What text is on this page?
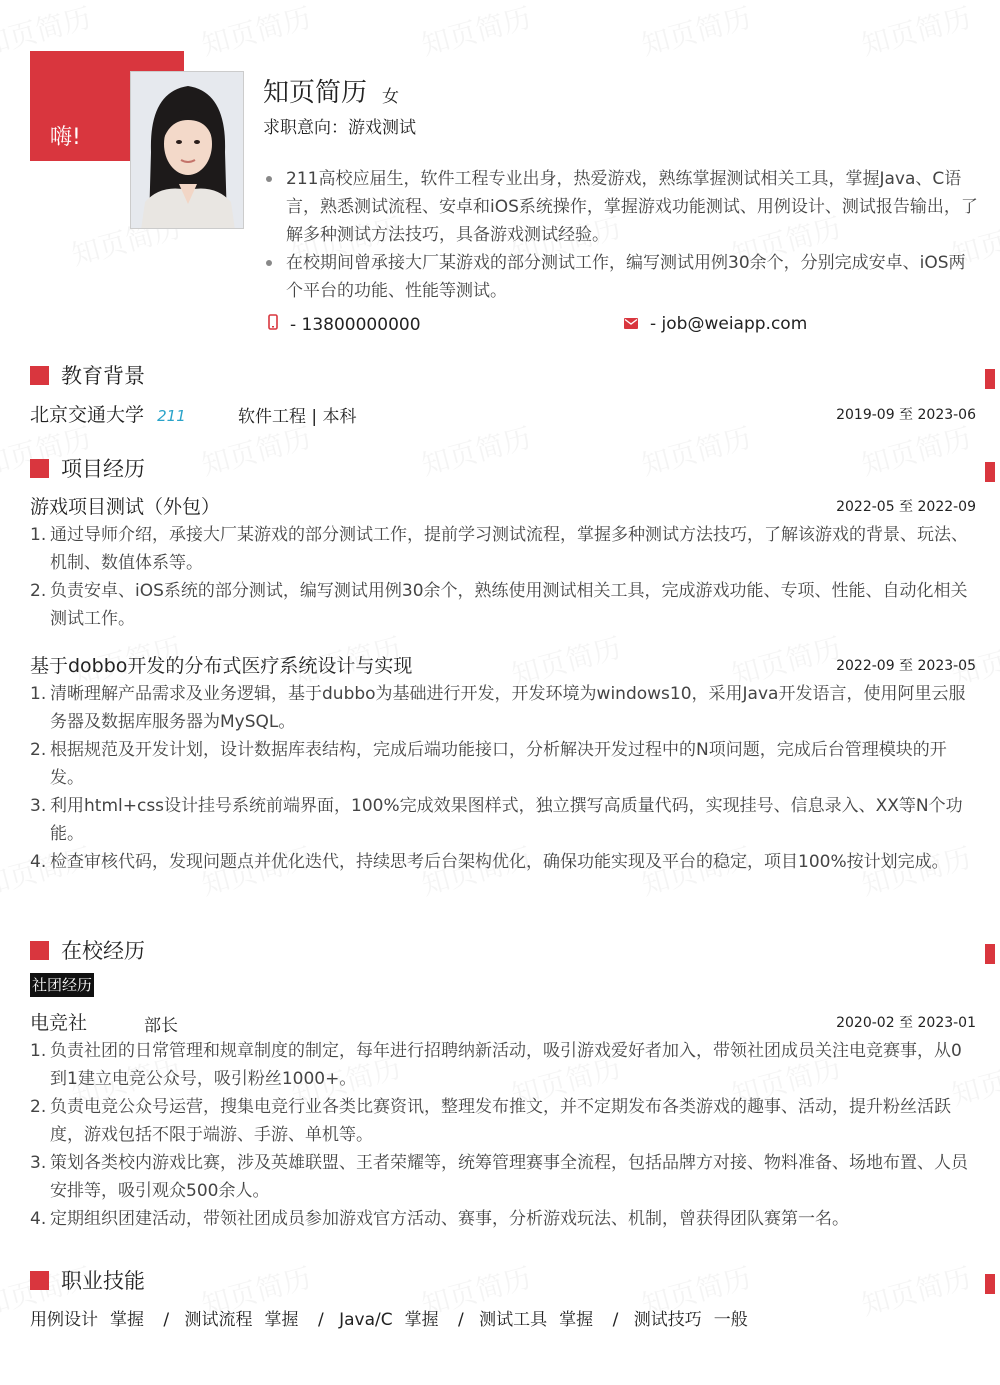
嗨!
知页简历 女
求职意向：游戏测试
211高校应届生，软件工程专业出身，热爱游戏，熟练掌握测试相关工具，掌握Java、C语言，熟悉测试流程、安卓和iOS系统操作，掌握游戏功能测试、用例设计、测试报告输出，了解多种测试方法技巧，具备游戏测试经验。
在校期间曾承接大厂某游戏的部分测试工作，编写测试用例30余个，分别完成安卓、iOS两个平台的功能、性能等测试。
- 13800000000	- job@weiapp.com
教育背景
北京交通大学 211	软件工程 | 本科	2019-09 至 2023-06
项目经历
游戏项目测试（外包）	2022-05 至 2022-09
1. 通过导师介绍，承接大厂某游戏的部分测试工作，提前学习测试流程，掌握多种测试方法技巧，了解该游戏的背景、玩法、机制、数值体系等。
2. 负责安卓、iOS系统的部分测试，编写测试用例30余个，熟练使用测试相关工具，完成游戏功能、专项、性能、自动化相关测试工作。
基于dobbo开发的分布式医疗系统设计与实现	2022-09 至 2023-05
1. 清晰理解产品需求及业务逻辑，基于dubbo为基础进行开发，开发环境为windows10，采用Java开发语言，使用阿里云服务器及数据库服务器为MySQL。
2. 根据规范及开发计划，设计数据库表结构，完成后端功能接口，分析解决开发过程中的N项问题，完成后台管理模块的开发。
3. 利用html+css设计挂号系统前端界面，100%完成效果图样式，独立撰写高质量代码，实现挂号、信息录入、XX等N个功能。
4. 检查审核代码，发现问题点并优化迭代，持续思考后台架构优化，确保功能实现及平台的稳定，项目100%按计划完成。
在校经历
社团经历
电竞社	部长	2020-02 至 2023-01
1. 负责社团的日常管理和规章制度的制定，每年进行招聘纳新活动，吸引游戏爱好者加入，带领社团成员关注电竞赛事，从0到1建立电竞公众号，吸引粉丝1000+。
2. 负责电竞公众号运营，搜集电竞行业各类比赛资讯，整理发布推文，并不定期发布各类游戏的趣事、活动，提升粉丝活跃度，游戏包括不限于端游、手游、单机等。
3. 策划各类校内游戏比赛，涉及英雄联盟、王者荣耀等，统筹管理赛事全流程，包括品牌方对接、物料准备、场地布置、人员安排等，吸引观众500余人。
4. 定期组织团建活动，带领社团成员参加游戏官方活动、赛事，分析游戏玩法、机制，曾获得团队赛第一名。
职业技能
用例设计 掌握 / 测试流程 掌握 / Java/C 掌握 / 测试工具 掌握 / 测试技巧 一般
